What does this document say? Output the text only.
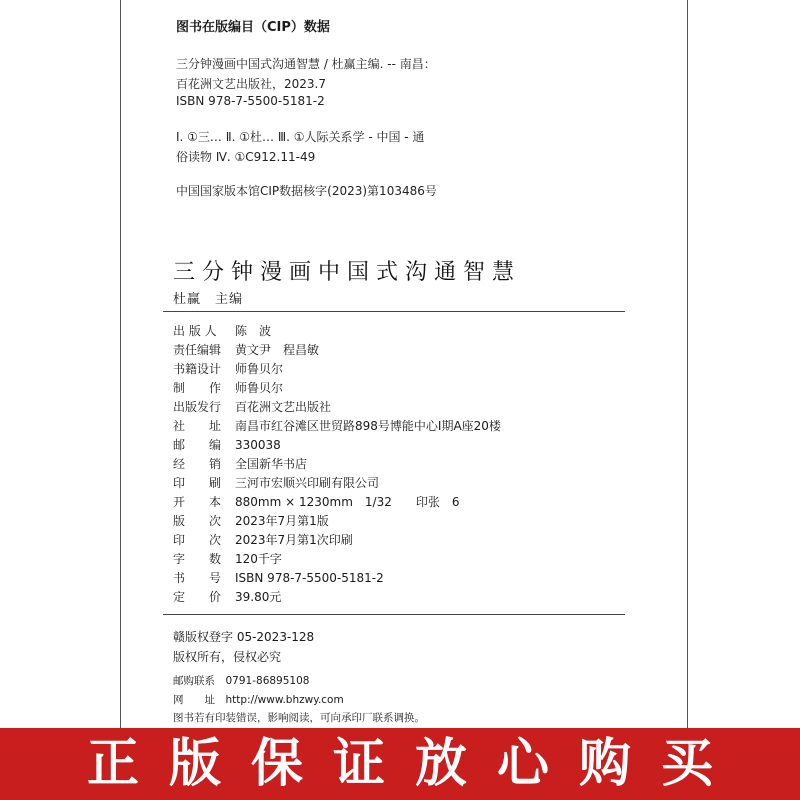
图书在版编目（CIP）数据
三分钟漫画中国式沟通智慧 / 杜赢主编. -- 南昌：
百花洲文艺出版社，2023.7
ISBN 978-7-5500-5181-2
Ⅰ. ①三… Ⅱ. ①杜… Ⅲ. ①人际关系学 - 中国 - 通
俗读物 Ⅳ. ①C912.11-49
中国国家版本馆CIP数据核字(2023)第103486号
三分钟漫画中国式沟通智慧
杜赢　主编
出 版 人 陈　波
责任编辑 黄文尹　程昌敏
书籍设计 师鲁贝尔
制　　作 师鲁贝尔
出版发行 百花洲文艺出版社
社　　址 南昌市红谷滩区世贸路898号博能中心Ⅰ期A座20楼
邮　　编 330038
经　　销 全国新华书店
印　　刷 三河市宏顺兴印刷有限公司
开　　本 880mm × 1230mm　1/32　　印张　6
版　　次 2023年7月第1版
印　　次 2023年7月第1次印刷
字　　数 120千字
书　　号 ISBN 978-7-5500-5181-2
定　　价 39.80元
赣版权登字 05-2023-128
版权所有，侵权必究
邮购联系　0791-86895108
网　　址　http://www.bhzwy.com
图书若有印装错误，影响阅读，可向承印厂联系调换。
正版保证放心购买
